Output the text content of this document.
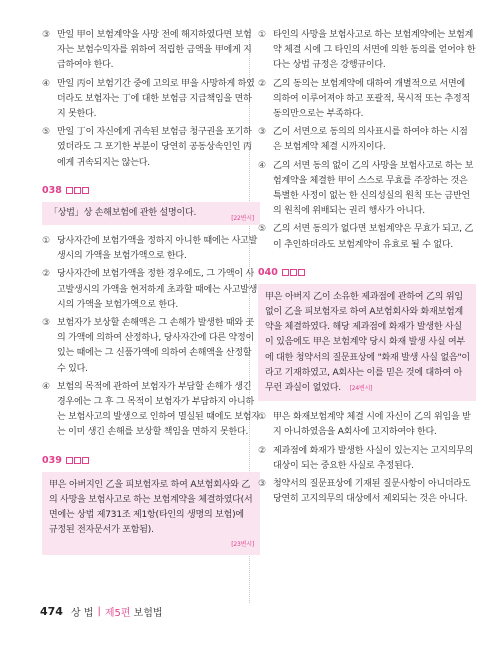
③ 만일 甲이 보험계약을 사망 전에 해지하였다면 보험자는 보험수익자를 위하여 적립한 금액을 甲에게 지급하여야 한다.
④ 만일 丙이 보험기간 중에 고의로 甲을 사망하게 하였더라도 보험자는 丁에 대한 보험금 지급책임을 면하지 못한다.
⑤ 만일 丁이 자신에게 귀속된 보험금 청구권을 포기하였더라도 그 포기한 부분이 당연히 공동상속인인 丙에게 귀속되지는 않는다.
038
[22변시]
「상법」상 손해보험에 관한 설명이다.
① 당사자간에 보험가액을 정하지 아니한 때에는 사고발생시의 가액을 보험가액으로 한다.
② 당사자간에 보험가액을 정한 경우에도, 그 가액이 사고발생시의 가액을 현저하게 초과할 때에는 사고발생시의 가액을 보험가액으로 한다.
③ 보험자가 보상할 손해액은 그 손해가 발생한 때와 곳의 가액에 의하여 산정하나, 당사자간에 다른 약정이 있는 때에는 그 신품가액에 의하여 손해액을 산정할 수 있다.
④ 보험의 목적에 관하여 보험자가 부담할 손해가 생긴 경우에는 그 후 그 목적이 보험자가 부담하지 아니하는 보험사고의 발생으로 인하여 멸실된 때에도 보험자는 이미 생긴 손해를 보상할 책임을 면하지 못한다.
039
甲은 아버지인 乙을 피보험자로 하여 A보험회사와 乙의 사망을 보험사고로 하는 보험계약을 체결하였다(서면에는 상법 제731조 제1항(타인의 생명의 보험)에 규정된 전자문서가 포함됨).
[23변시]
① 타인의 사망을 보험사고로 하는 보험계약에는 보험계약 체결 시에 그 타인의 서면에 의한 동의를 얻어야 한다는 상법 규정은 강행규이다.
② 乙의 동의는 보험계약에 대하여 개별적으로 서면에 의하여 이루어져야 하고 포괄적, 묵시적 또는 추정적 동의만으로는 부족하다.
③ 乙이 서면으로 동의의 의사표시를 하여야 하는 시점은 보험계약 체결 시까지이다.
④ 乙의 서면 동의 없이 乙의 사망을 보험사고로 하는 보험계약을 체결한 甲이 스스로 무효를 주장하는 것은 특별한 사정이 없는 한 신의성실의 원칙 또는 금반언의 원칙에 위배되는 권리 행사가 아니다.
⑤ 乙의 서면 동의가 없다면 보험계약은 무효가 되고, 乙이 추인하더라도 보험계약이 유효로 될 수 없다.
040
甲은 아버지 乙이 소유한 제과점에 관하여 乙의 위임 없이 乙을 피보험자로 하여 A보험회사와 화재보험계약을 체결하였다. 해당 제과점에 화재가 발생한 사실이 있음에도 甲은 보험계약 당시 화재 발생 사실 여부에 대한 청약서의 질문표상에 "화재 발생 사실 없음"이라고 기재하였고, A회사는 이를 믿은 것에 대하여 아무런 과실이 없었다. [24변시]
① 甲은 화재보험계약 체결 시에 자신이 乙의 위임을 받지 아니하였음을 A회사에 고지하여야 한다.
② 제과점에 화재가 발생한 사실이 있는지는 고지의무의 대상이 되는 중요한 사실로 추정된다.
③ 청약서의 질문표상에 기재된 질문사항이 아니더라도 당연히 고지의무의 대상에서 제외되는 것은 아니다.
474 상 법 | 제5편 보험법
